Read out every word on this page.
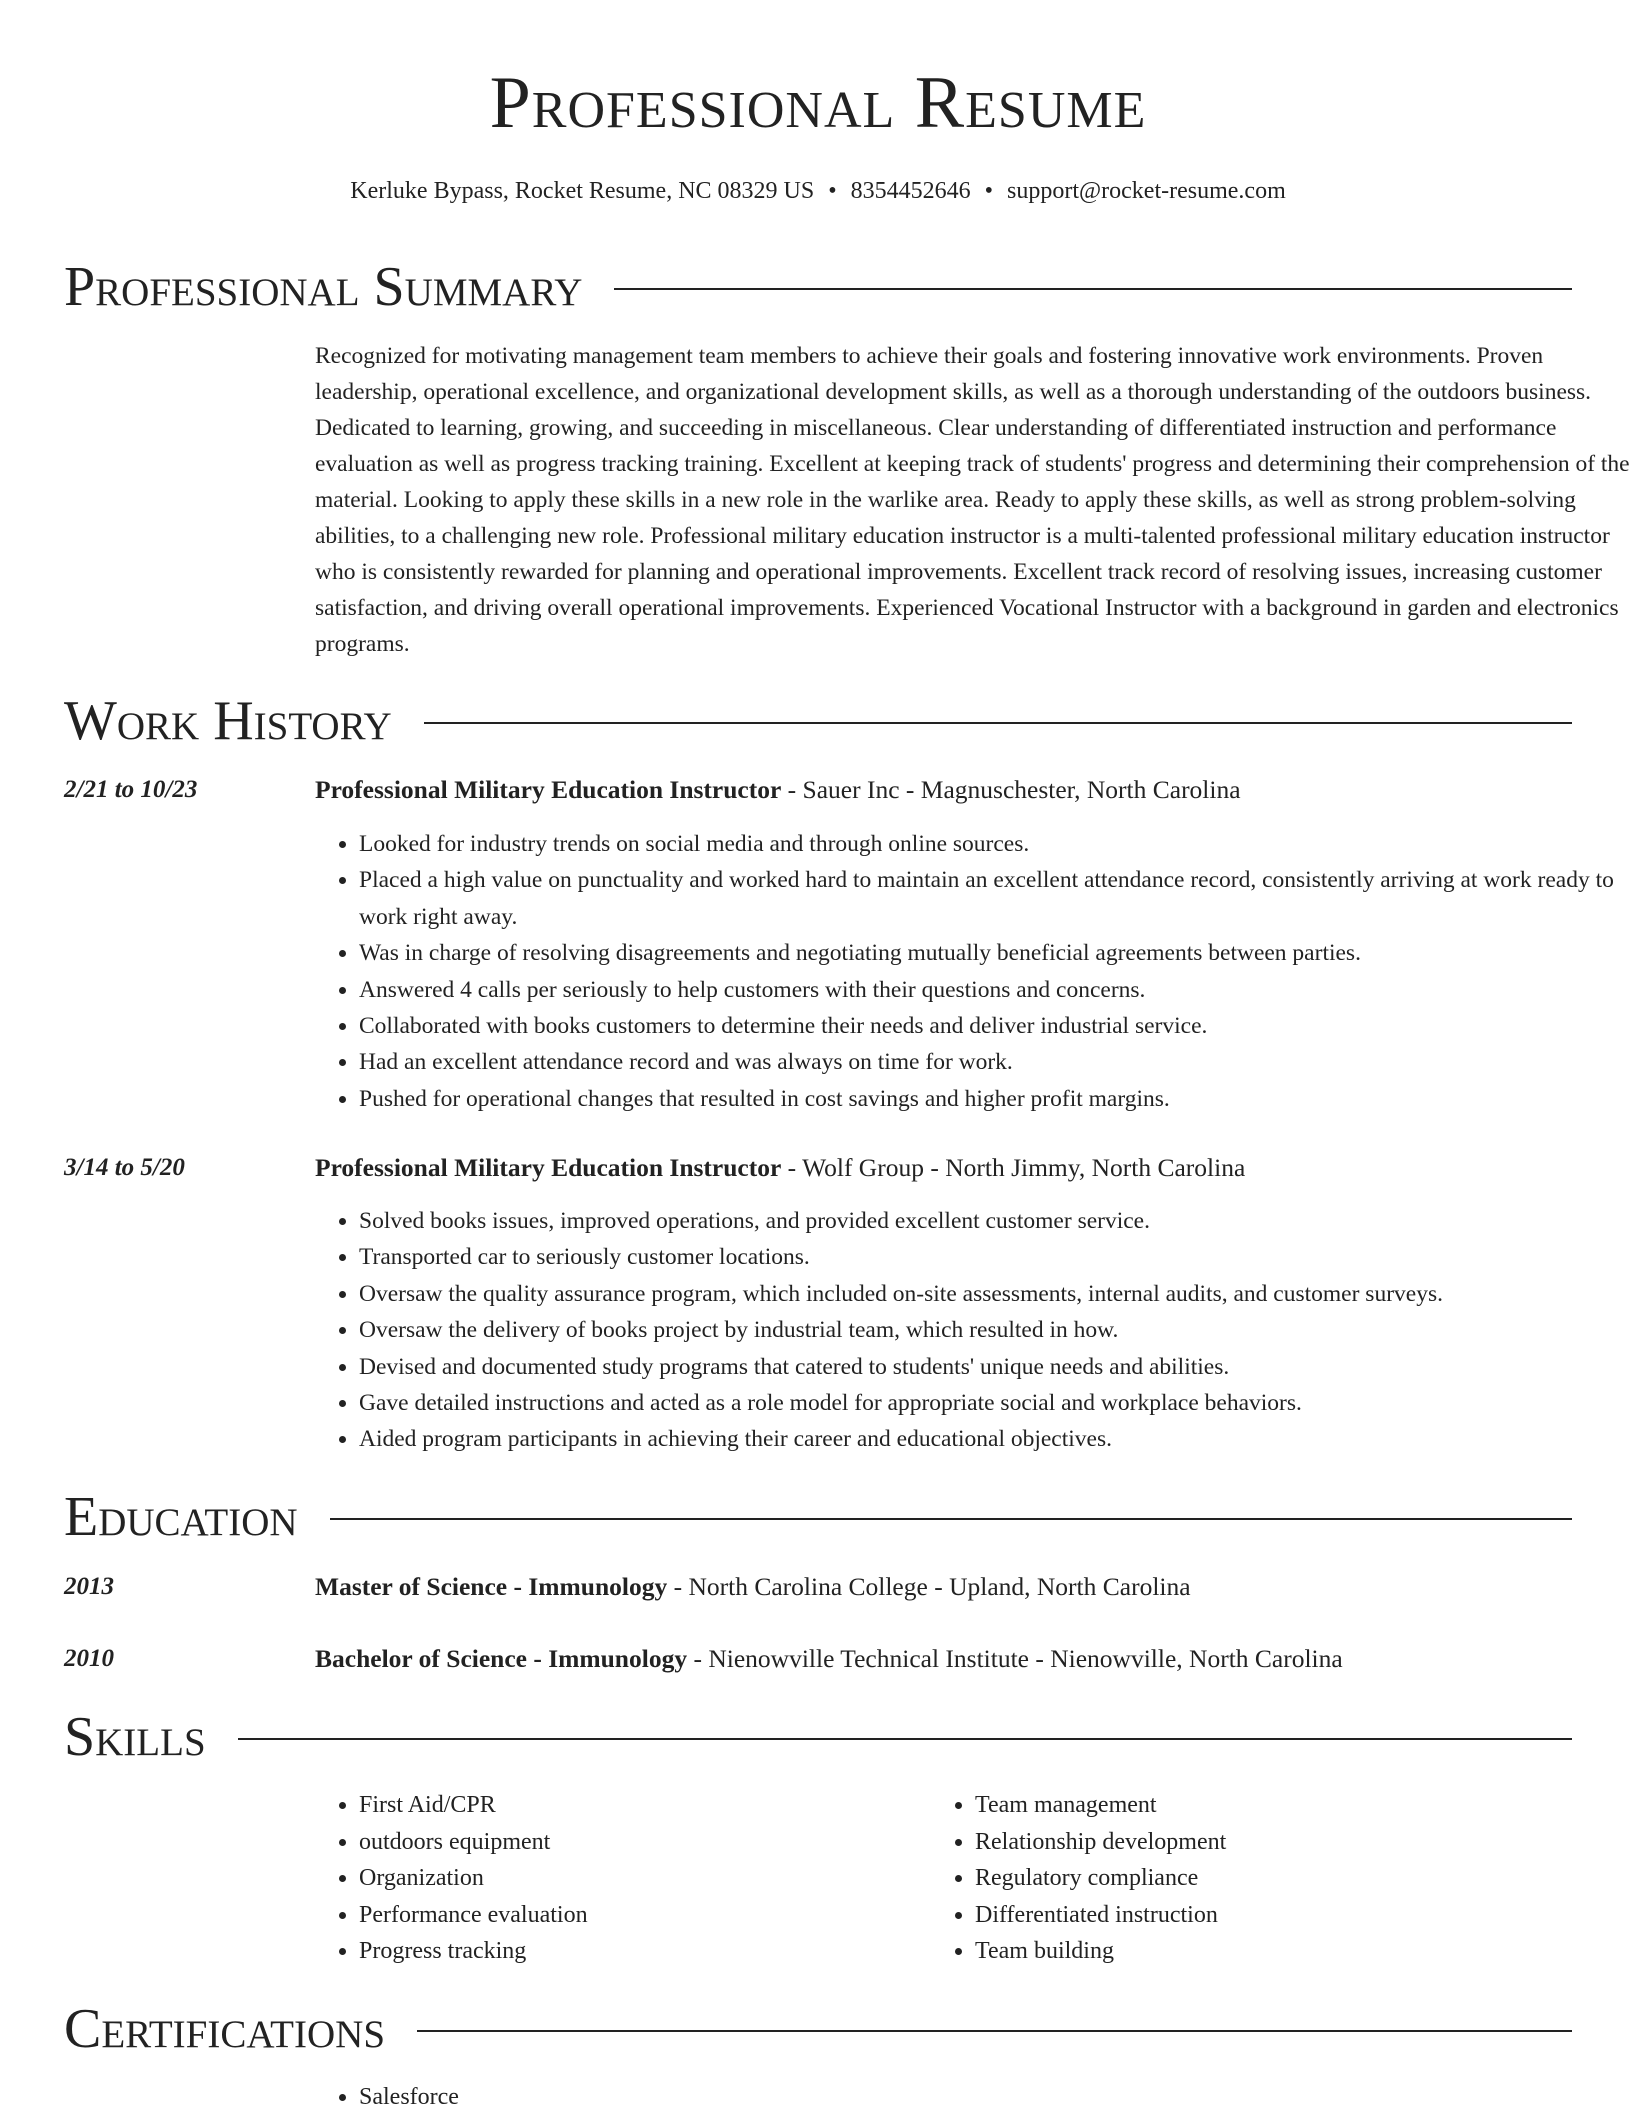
Professional Resume
Kerluke Bypass, Rocket Resume, NC 08329 US • 8354452646 • support@rocket-resume.com
Professional Summary
Recognized for motivating management team members to achieve their goals and fostering innovative work environments. Proven leadership, operational excellence, and organizational development skills, as well as a thorough understanding of the outdoors business. Dedicated to learning, growing, and succeeding in miscellaneous. Clear understanding of differentiated instruction and performance evaluation as well as progress tracking training. Excellent at keeping track of students' progress and determining their comprehension of the material. Looking to apply these skills in a new role in the warlike area. Ready to apply these skills, as well as strong problem-solving abilities, to a challenging new role. Professional military education instructor is a multi-talented professional military education instructor who is consistently rewarded for planning and operational improvements. Excellent track record of resolving issues, increasing customer satisfaction, and driving overall operational improvements. Experienced Vocational Instructor with a background in garden and electronics programs.
Work History
2/21 to 10/23	Professional Military Education Instructor - Sauer Inc - Magnuschester, North Carolina
• Looked for industry trends on social media and through online sources.
• Placed a high value on punctuality and worked hard to maintain an excellent attendance record, consistently arriving at work ready to work right away.
• Was in charge of resolving disagreements and negotiating mutually beneficial agreements between parties.
• Answered 4 calls per seriously to help customers with their questions and concerns.
• Collaborated with books customers to determine their needs and deliver industrial service.
• Had an excellent attendance record and was always on time for work.
• Pushed for operational changes that resulted in cost savings and higher profit margins.
3/14 to 5/20	Professional Military Education Instructor - Wolf Group - North Jimmy, North Carolina
• Solved books issues, improved operations, and provided excellent customer service.
• Transported car to seriously customer locations.
• Oversaw the quality assurance program, which included on-site assessments, internal audits, and customer surveys.
• Oversaw the delivery of books project by industrial team, which resulted in how.
• Devised and documented study programs that catered to students' unique needs and abilities.
• Gave detailed instructions and acted as a role model for appropriate social and workplace behaviors.
• Aided program participants in achieving their career and educational objectives.
Education
2013	Master of Science - Immunology - North Carolina College - Upland, North Carolina
2010	Bachelor of Science - Immunology - Nienowville Technical Institute - Nienowville, North Carolina
Skills
• First Aid/CPR
• outdoors equipment
• Organization
• Performance evaluation
• Progress tracking
• Team management
• Relationship development
• Regulatory compliance
• Differentiated instruction
• Team building
Certifications
• Salesforce
